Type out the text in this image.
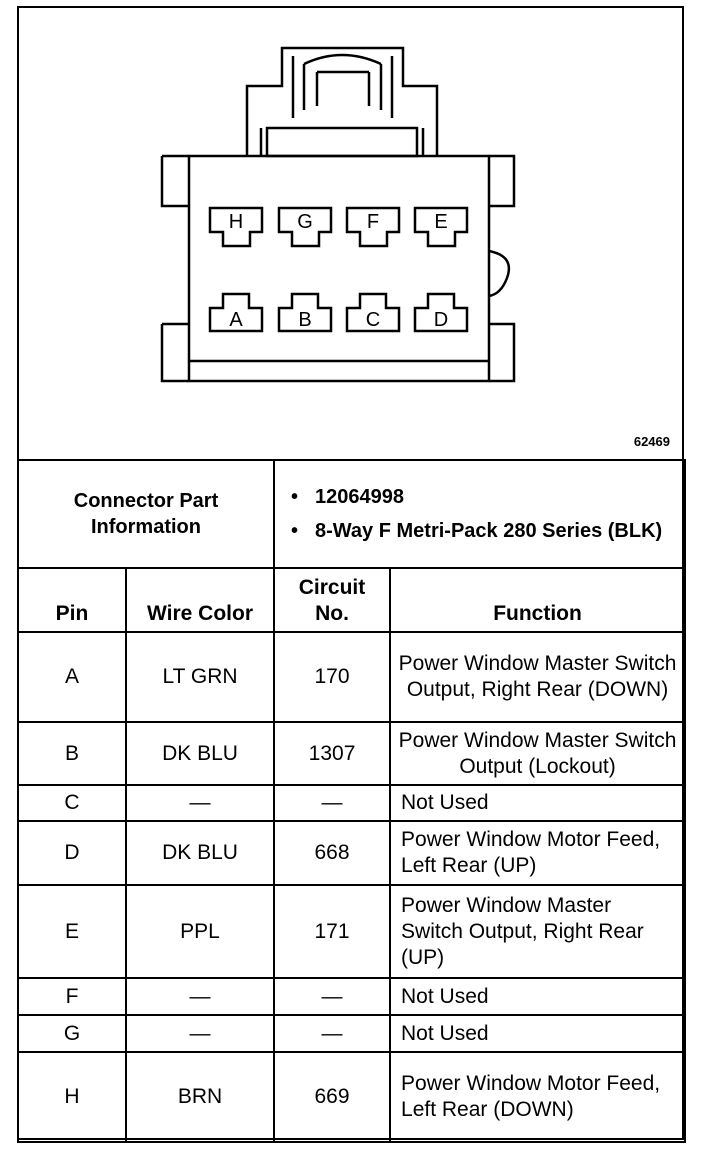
H	G	F	E
A	B	C	D
62469
Connector Part Information		• 12064998
• 8-Way F Metri-Pack 280 Series (BLK)

Pin	Wire Color	Circuit No.	Function
A	LT GRN	170	Power Window Master Switch Output, Right Rear (DOWN)
B	DK BLU	1307	Power Window Master Switch Output (Lockout)
C	—	—	Not Used
D	DK BLU	668	Power Window Motor Feed, Left Rear (UP)
E	PPL	171	Power Window Master Switch Output, Right Rear (UP)
F	—	—	Not Used
G	—	—	Not Used
H	BRN	669	Power Window Motor Feed, Left Rear (DOWN)
